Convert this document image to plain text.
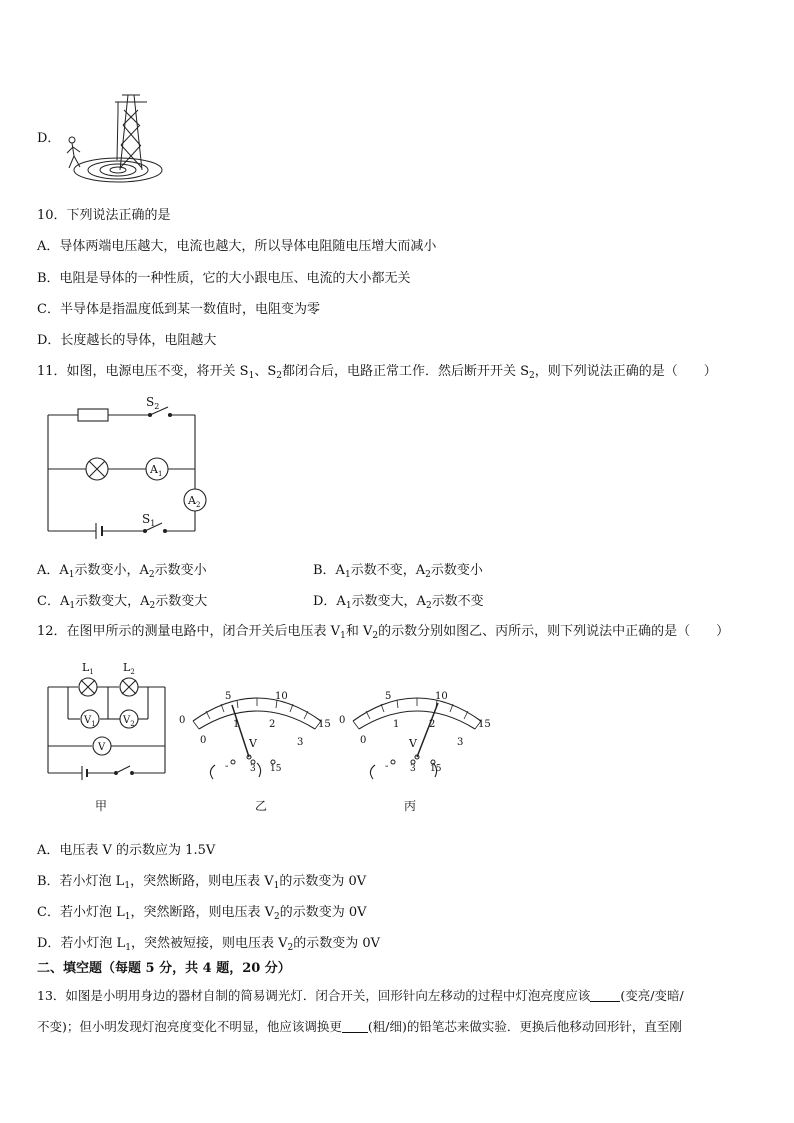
D．
10．下列说法正确的是
A．导体两端电压越大，电流也越大，所以导体电阻随电压增大而减小
B．电阻是导体的一种性质，它的大小跟电压、电流的大小都无关
C．半导体是指温度低到某一数值时，电阻变为零
D．长度越长的导体，电阻越大
11．如图，电源电压不变，将开关 $S_1$、$S_2$都闭合后，电路正常工作．然后断开开关 $S_2$，则下列说法正确的是（　　）
$S_2$
$S_1$
$A_1$
$A_2$
A．$A_1$示数变小，$A_2$示数变小	B．$A_1$示数不变，$A_2$示数变小
C．$A_1$示数变大，$A_2$示数变大	D．$A_1$示数变大，$A_2$示数不变
12．在图甲所示的测量电路中，闭合开关后电压表 $V_1$和 $V_2$的示数分别如图乙、丙所示，则下列说法中正确的是（　　）
$L_1$	$L_2$
$V_1$	$V_2$
V
0
5	10
15
0
1	2
3
V
- 3 15
0
5	10
15
0
1	2
3
V
- 3 15
甲	乙	丙
A．电压表 V 的示数应为 1.5V
B．若小灯泡 $L_1$，突然断路，则电压表 $V_1$的示数变为 0V
C．若小灯泡 $L_1$，突然断路，则电压表 $V_2$的示数变为 0V
D．若小灯泡 $L_1$，突然被短接，则电压表 $V_2$的示数变为 0V
二、填空题（每题 5 分，共 4 题，20 分）
13．如图是小明用身边的器材自制的简易调光灯．闭合开关，回形针向左移动的过程中灯泡亮度应该 (变亮/变暗/
不变)；但小明发现灯泡亮度变化不明显，他应该调换更 (粗/细)的铅笔芯来做实验．更换后他移动回形针，直至刚
